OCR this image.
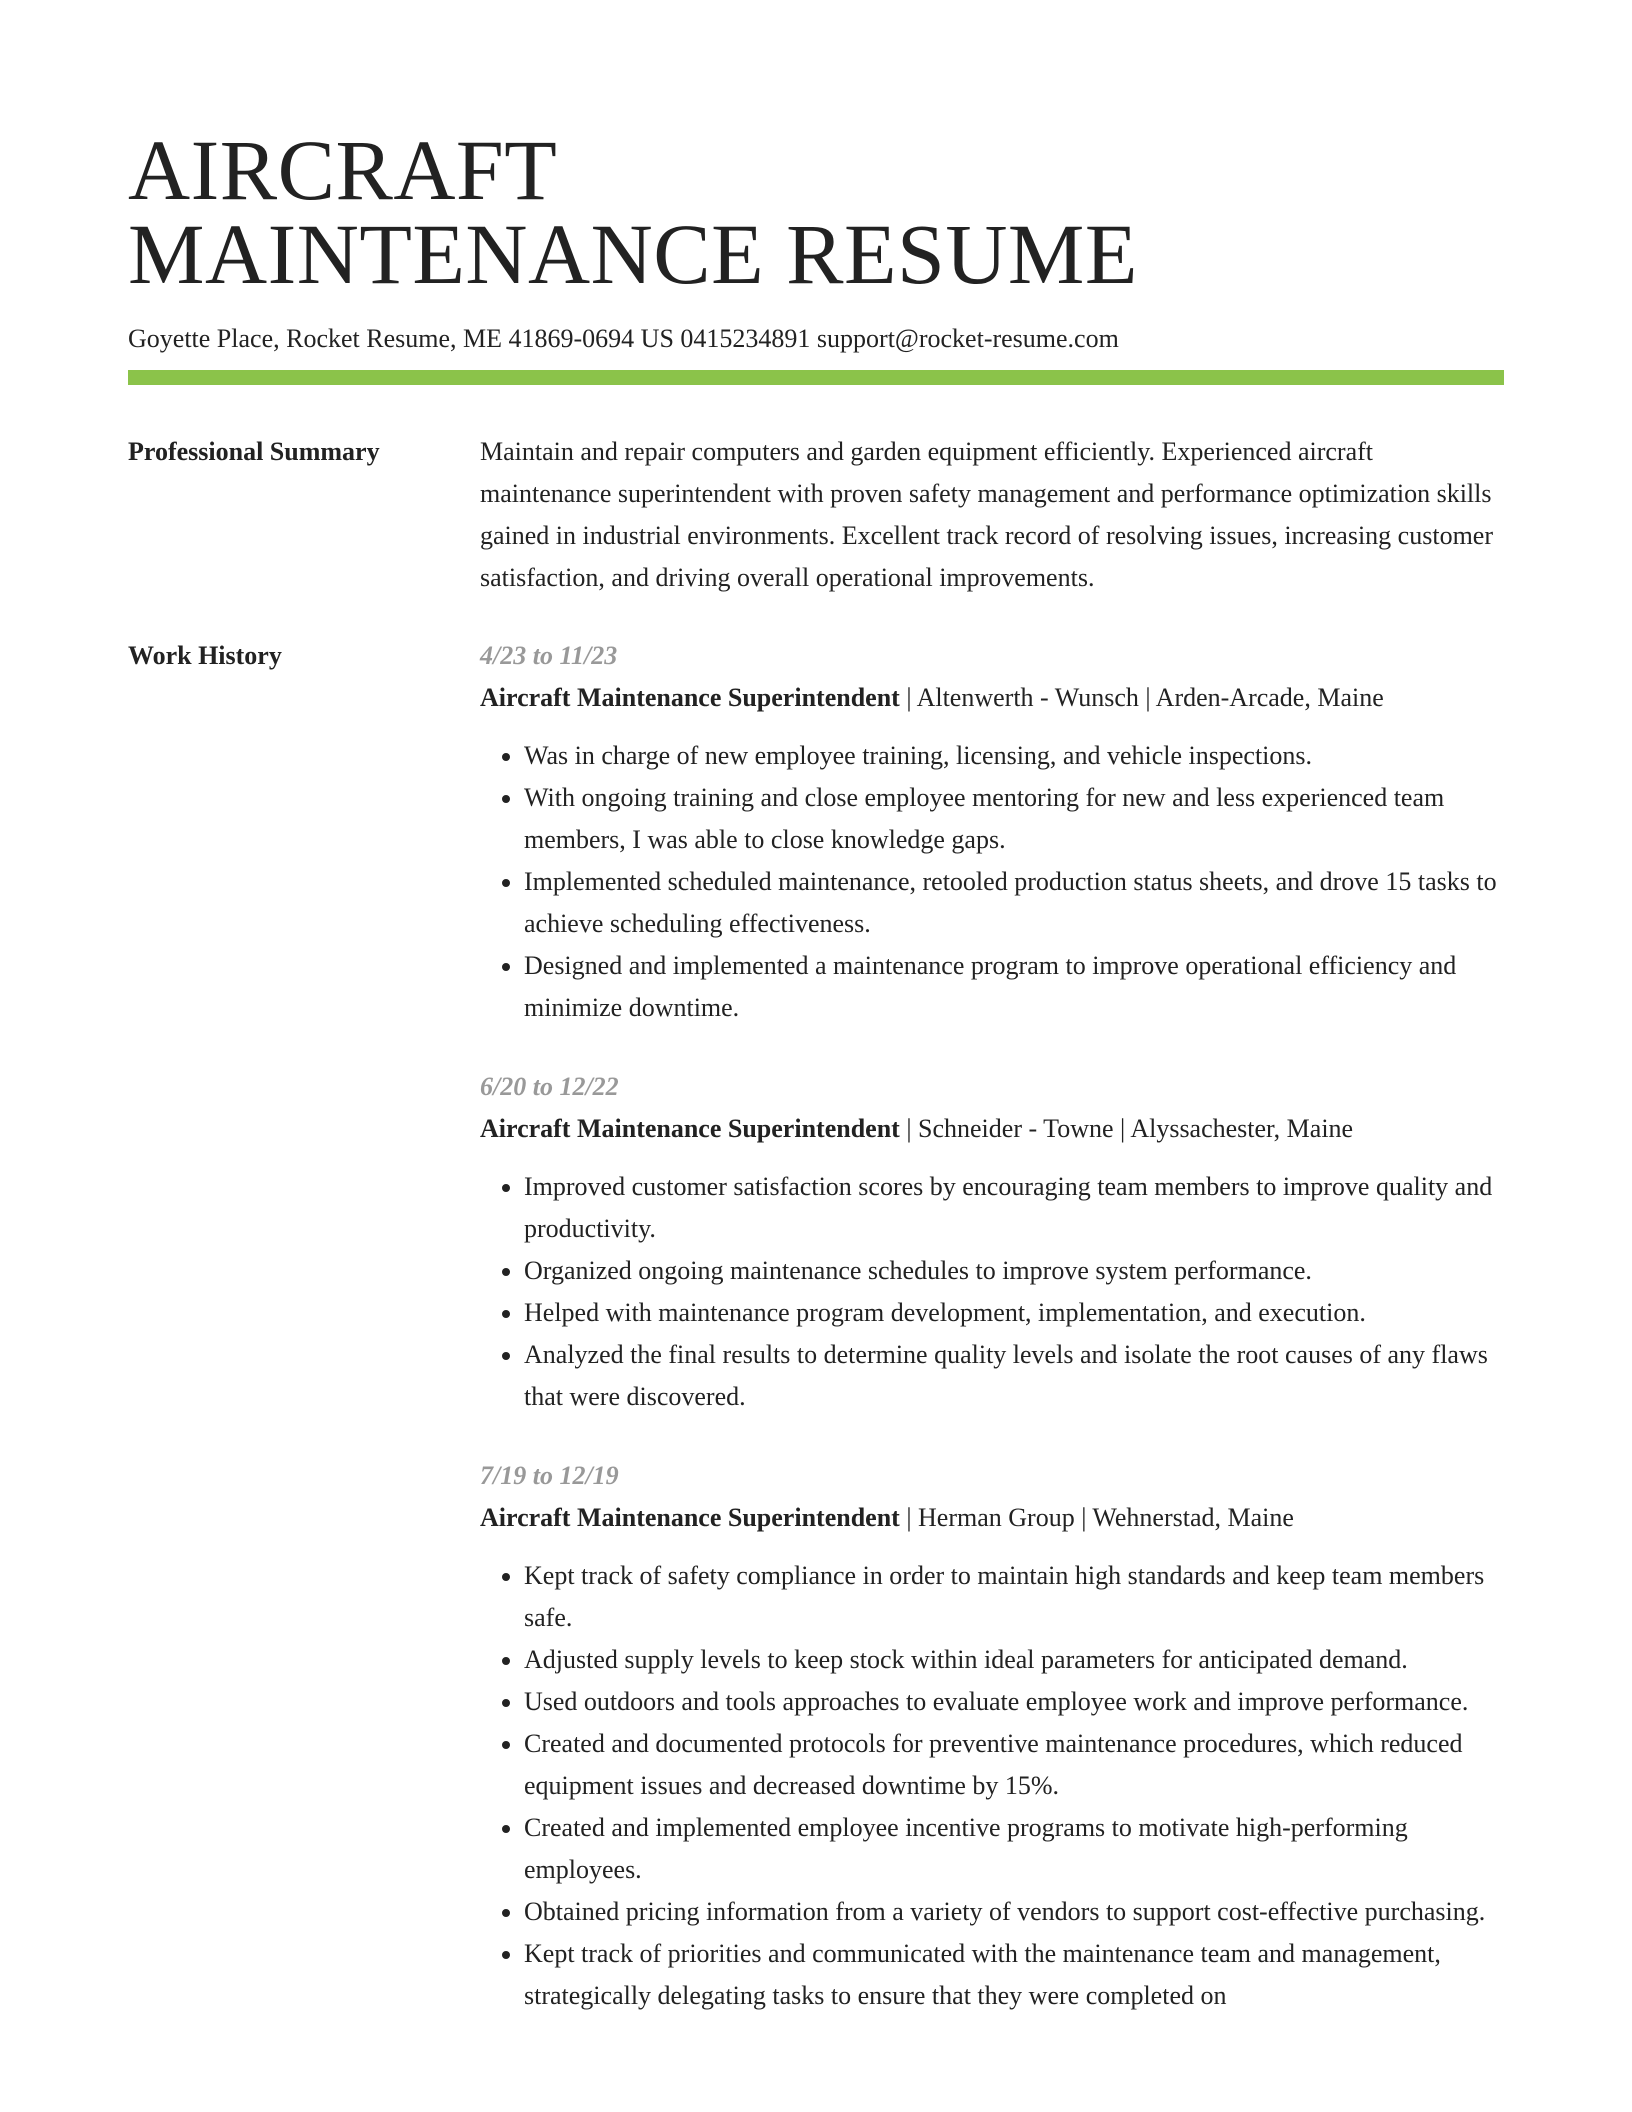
AIRCRAFT
MAINTENANCE RESUME
Goyette Place, Rocket Resume, ME 41869-0694 US 0415234891 support@rocket-resume.com
Professional Summary	Maintain and repair computers and garden equipment efficiently. Experienced aircraft maintenance superintendent with proven safety management and performance optimization skills gained in industrial environments. Excellent track record of resolving issues, increasing customer satisfaction, and driving overall operational improvements.

Work History	4/23 to 11/23

Aircraft Maintenance Superintendent | Altenwerth - Wunsch | Arden-Arcade, Maine

• Was in charge of new employee training, licensing, and vehicle inspections.
• With ongoing training and close employee mentoring for new and less experienced team members, I was able to close knowledge gaps.
• Implemented scheduled maintenance, retooled production status sheets, and drove 15 tasks to achieve scheduling effectiveness.
• Designed and implemented a maintenance program to improve operational efficiency and minimize downtime.
6/20 to 12/22

Aircraft Maintenance Superintendent | Schneider - Towne | Alyssachester, Maine

• Improved customer satisfaction scores by encouraging team members to improve quality and productivity.
• Organized ongoing maintenance schedules to improve system performance.
• Helped with maintenance program development, implementation, and execution.
• Analyzed the final results to determine quality levels and isolate the root causes of any flaws that were discovered.
7/19 to 12/19

Aircraft Maintenance Superintendent | Herman Group | Wehnerstad, Maine

• Kept track of safety compliance in order to maintain high standards and keep team members safe.
• Adjusted supply levels to keep stock within ideal parameters for anticipated demand.
• Used outdoors and tools approaches to evaluate employee work and improve performance.
• Created and documented protocols for preventive maintenance procedures, which reduced equipment issues and decreased downtime by 15%.
• Created and implemented employee incentive programs to motivate high-performing employees.
• Obtained pricing information from a variety of vendors to support cost-effective purchasing.
• Kept track of priorities and communicated with the maintenance team and management, strategically delegating tasks to ensure that they were completed on
